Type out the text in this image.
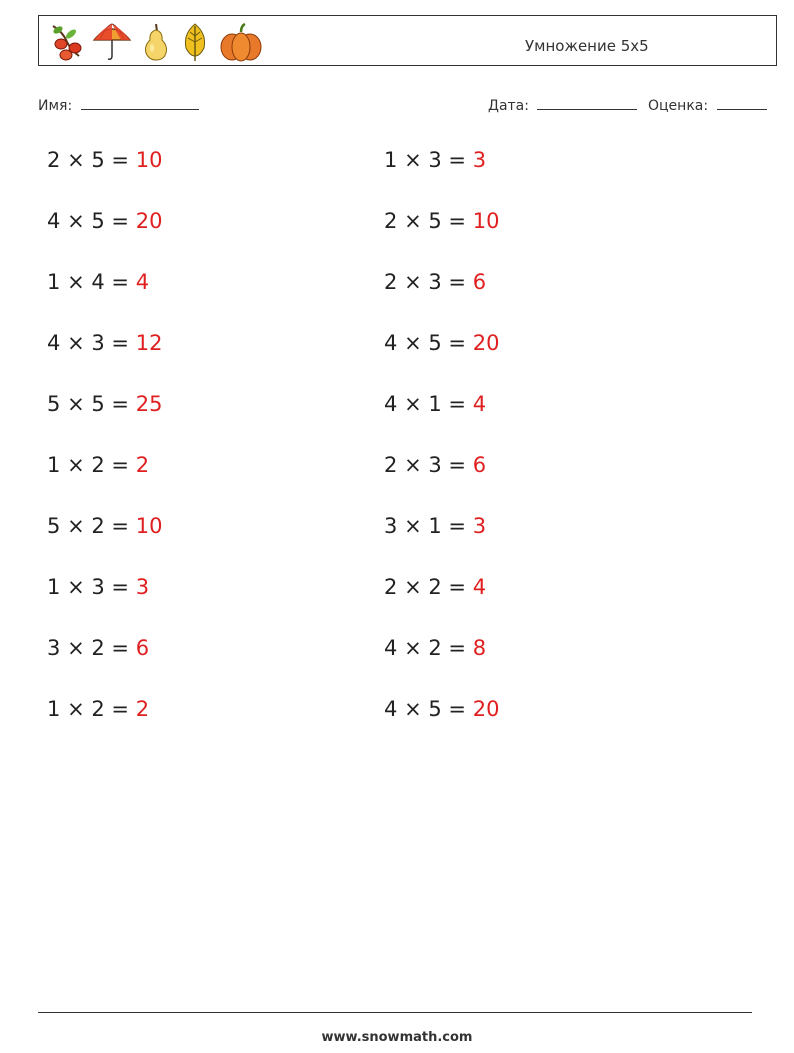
Умножение 5x5
Имя:	Дата:	Оценка:
2 × 5 = 10
4 × 5 = 20
1 × 4 = 4
4 × 3 = 12
5 × 5 = 25
1 × 2 = 2
5 × 2 = 10
1 × 3 = 3
3 × 2 = 6
1 × 2 = 2
1 × 3 = 3
2 × 5 = 10
2 × 3 = 6
4 × 5 = 20
4 × 1 = 4
2 × 3 = 6
3 × 1 = 3
2 × 2 = 4
4 × 2 = 8
4 × 5 = 20
www.snowmath.com
